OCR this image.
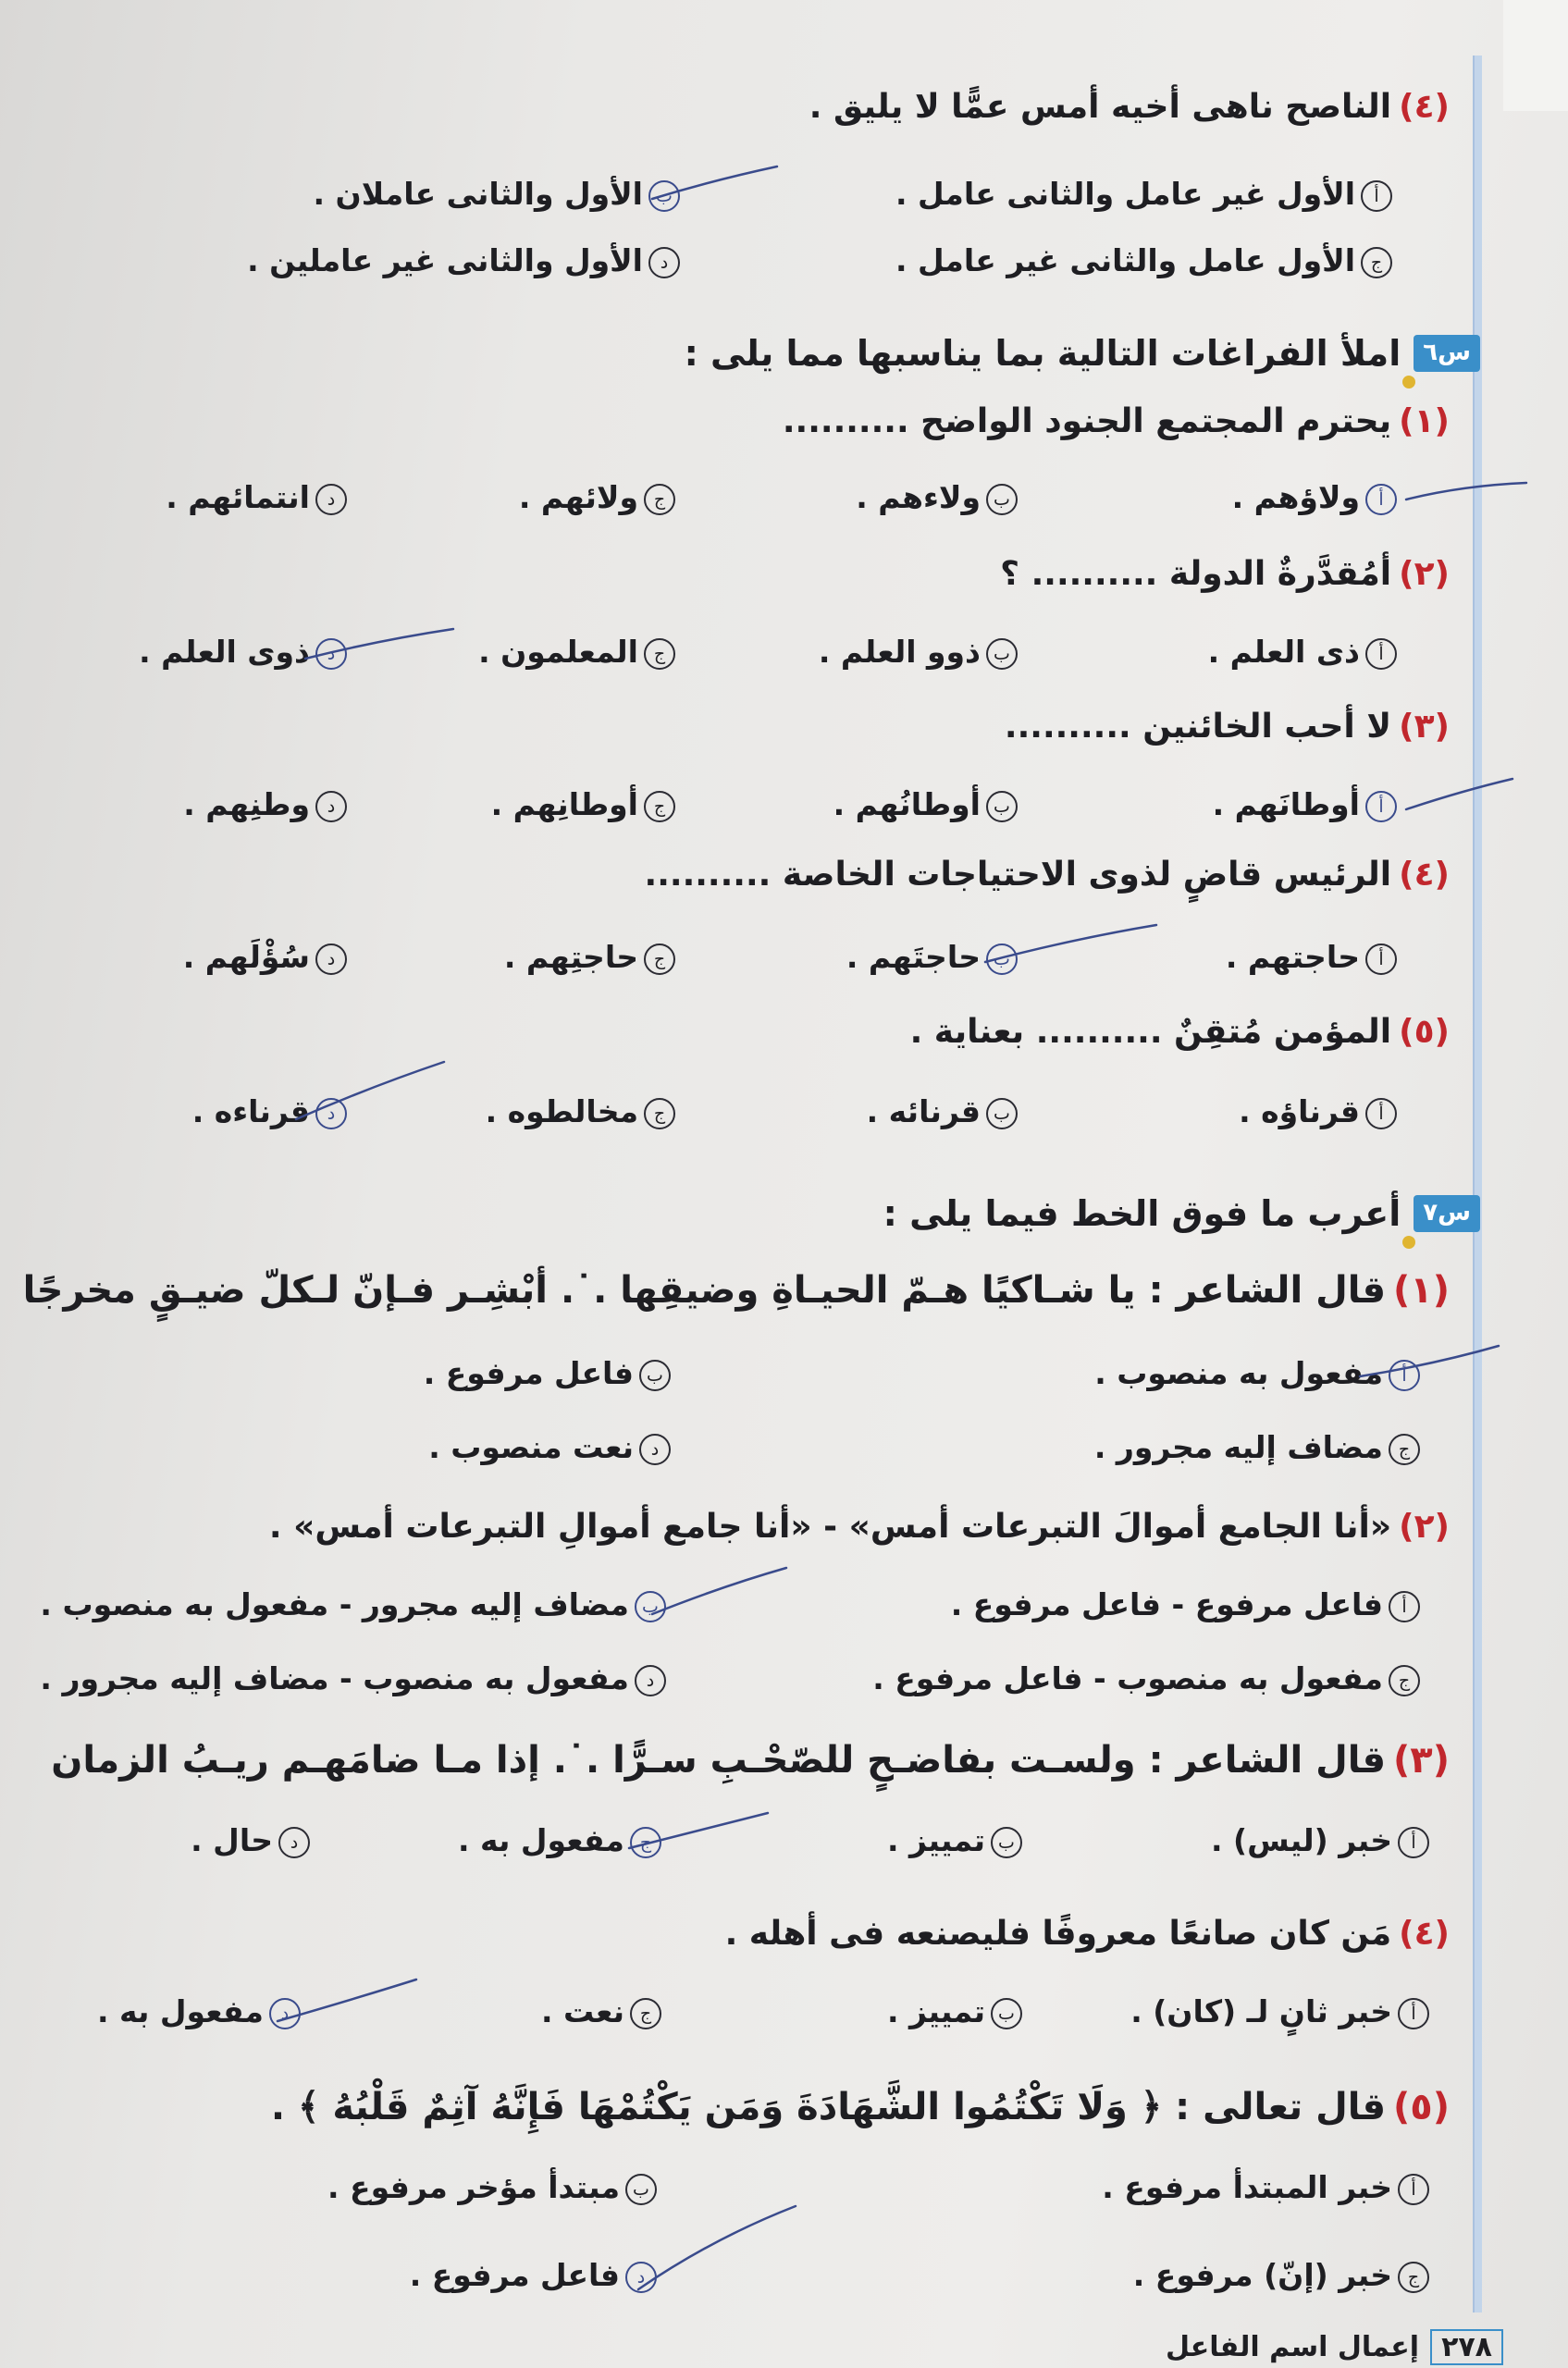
(٤)الناصح ناهى أخيه أمس عمًّا لا يليق .
أالأول غير عامل والثانى عامل .
بالأول والثانى عاملان .
جالأول عامل والثانى غير عامل .
دالأول والثانى غير عاملين .
س٦
املأ الفراغات التالية بما يناسبها مما يلى :
(١)يحترم المجتمع الجنود الواضح ..........
أولاؤهم .
بولاءهم .
جولائهم .
دانتمائهم .
(٢)أمُقدَّرةٌ الدولة .......... ؟
أذى العلم .
بذوو العلم .
جالمعلمون .
دذوى العلم .
(٣)لا أحب الخائنين ..........
أأوطانَهم .
بأوطانُهم .
جأوطانِهم .
دوطنِهم .
(٤)الرئيس قاضٍ لذوى الاحتياجات الخاصة ..........
أحاجتهم .
بحاجتَهم .
جحاجتِهم .
دسُؤْلَهم .
(٥)المؤمن مُتقِنٌ .......... بعناية .
أقرناؤه .
بقرنائه .
جمخالطوه .
دقرناءه .
س٧
أعرب ما فوق الخط فيما يلى :
(١)قال الشاعر : يا شـاكيًا هـمّ الحيـاةِ وضيقِها .˙. أبْشِـر فـإنّ لـكلّ ضيـقٍ مخرجًا
أمفعول به منصوب .
بفاعل مرفوع .
جمضاف إليه مجرور .
دنعت منصوب .
(٢)«أنا الجامع أموالَ التبرعات أمس» - «أنا جامع أموالِ التبرعات أمس» .
أفاعل مرفوع - فاعل مرفوع .
بمضاف إليه مجرور - مفعول به منصوب .
جمفعول به منصوب - فاعل مرفوع .
دمفعول به منصوب - مضاف إليه مجرور .
(٣)قال الشاعر : ولسـت بفاضـحٍ للصّحْـبِ سـرًّا .˙. إذا مـا ضامَهـم ريـبُ الزمان
أخبر (ليس) .
بتمييز .
جمفعول به .
دحال .
(٤)مَن كان صانعًا معروفًا فليصنعه فى أهله .
أخبر ثانٍ لـ (كان) .
بتمييز .
جنعت .
دمفعول به .
(٥)قال تعالى : ﴿ وَلَا تَكْتُمُوا الشَّهَادَةَ وَمَن يَكْتُمْهَا فَإِنَّهُ آثِمٌ قَلْبُهُ ﴾ .
أخبر المبتدأ مرفوع .
بمبتدأ مؤخر مرفوع .
جخبر (إنّ) مرفوع .
دفاعل مرفوع .
٢٧٨
إعمال اسم الفاعل
